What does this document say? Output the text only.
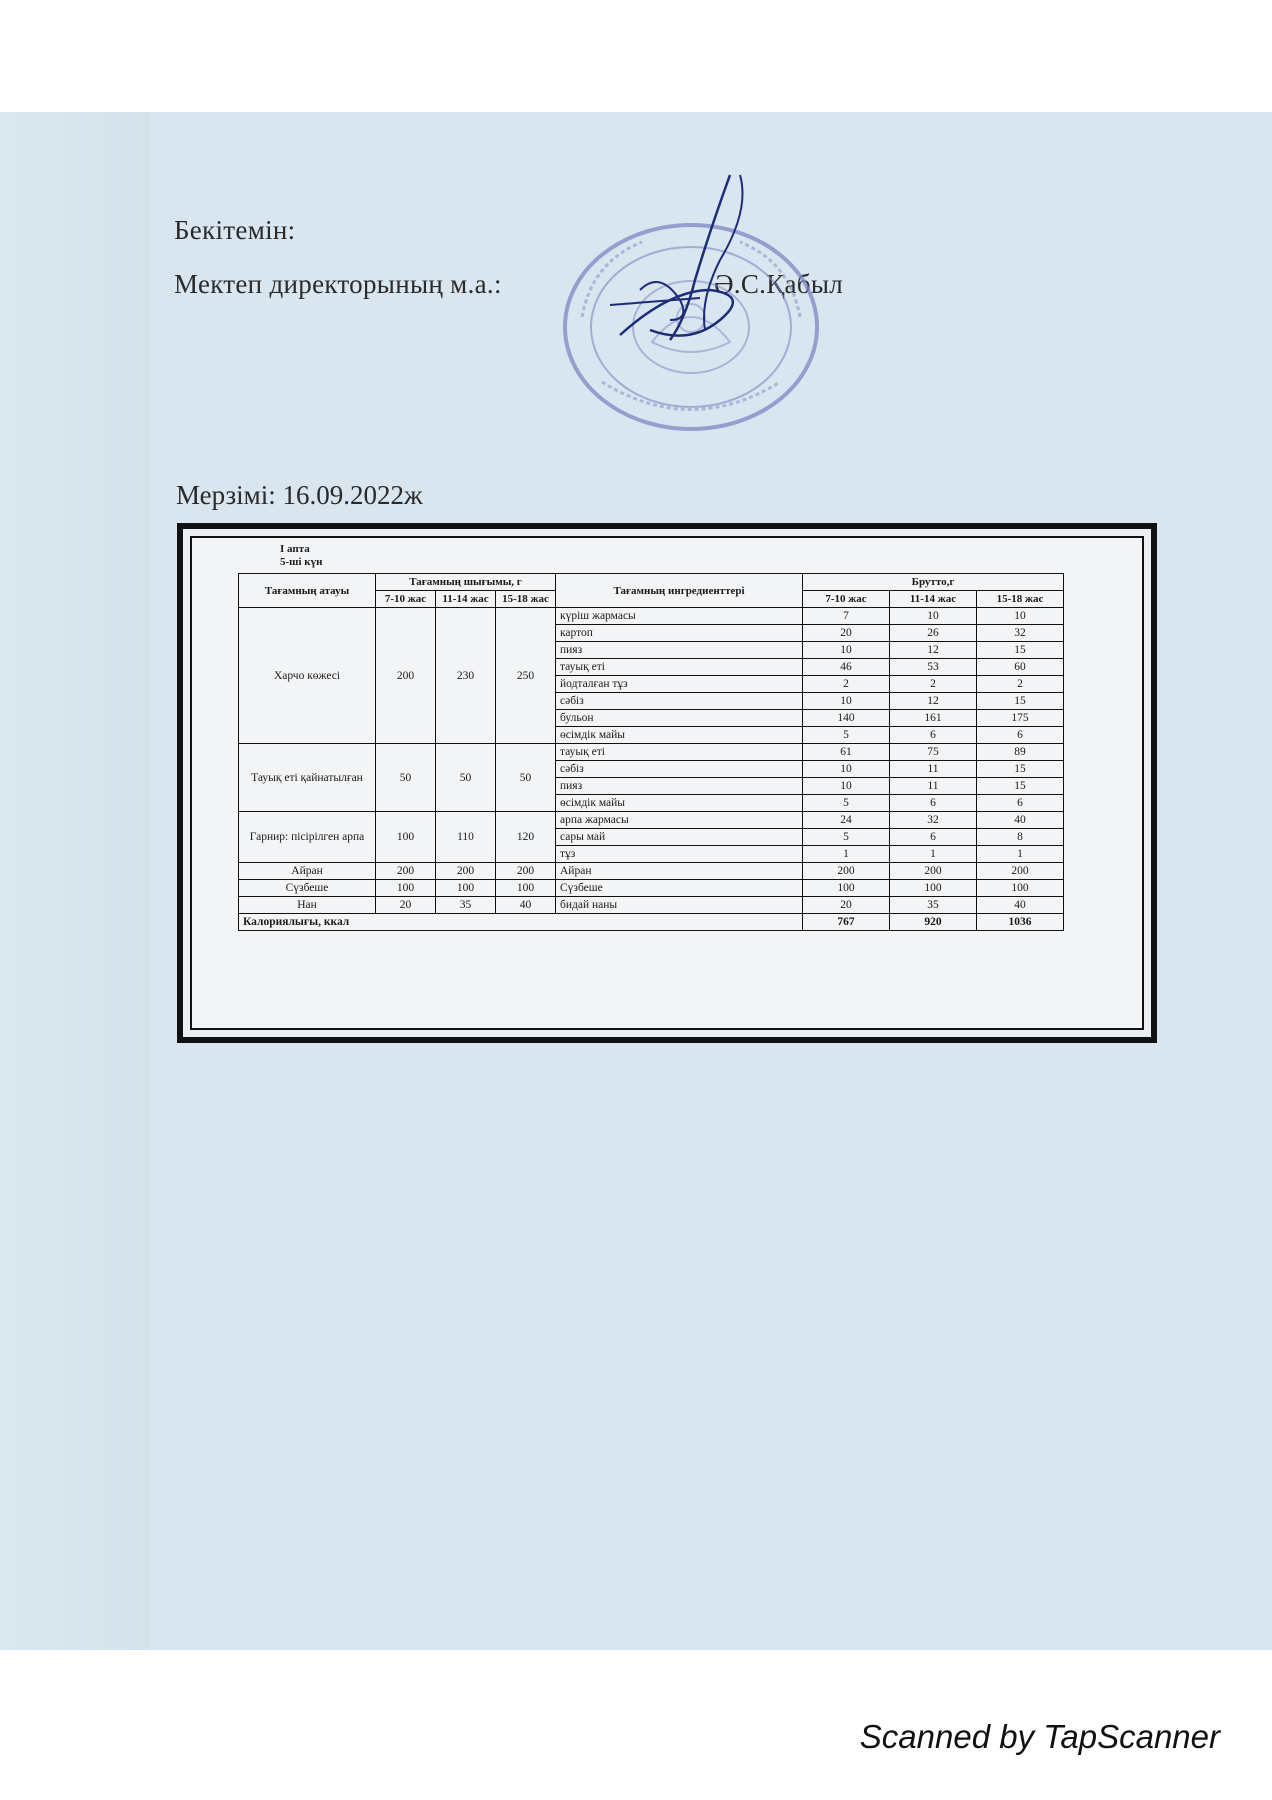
Бекітемін:
Мектеп директорының м.а.:	Ә.С.Қабыл
Мерзімі: 16.09.2022ж
I апта
5-ші күн
Тағамның атауы	Тағамның шығымы, г			Тағамның ингредиенттері	Брутто,г		
	7-10 жас	11-14 жас	15-18 жас		7-10 жас	11-14 жас	15-18 жас
Харчо көжесі	200	230	250	күріш жармасы	7	10	10
				картоп	20	26	32
				пияз	10	12	15
				тауық еті	46	53	60
				йодталған тұз	2	2	2
				сәбіз	10	12	15
				бульон	140	161	175
				өсімдік майы	5	6	6
Тауық еті қайнатылған	50	50	50	тауық еті	61	75	89
				сәбіз	10	11	15
				пияз	10	11	15
				өсімдік майы	5	6	6
Гарнир: пісірілген арпа	100	110	120	арпа жармасы	24	32	40
				сары май	5	6	8
				тұз	1	1	1
Айран	200	200	200	Айран	200	200	200
Сүзбеше	100	100	100	Сүзбеше	100	100	100
Нан	20	35	40	бидай наны	20	35	40
Калориялығы, ккал					767	920	1036
Scanned by TapScanner
